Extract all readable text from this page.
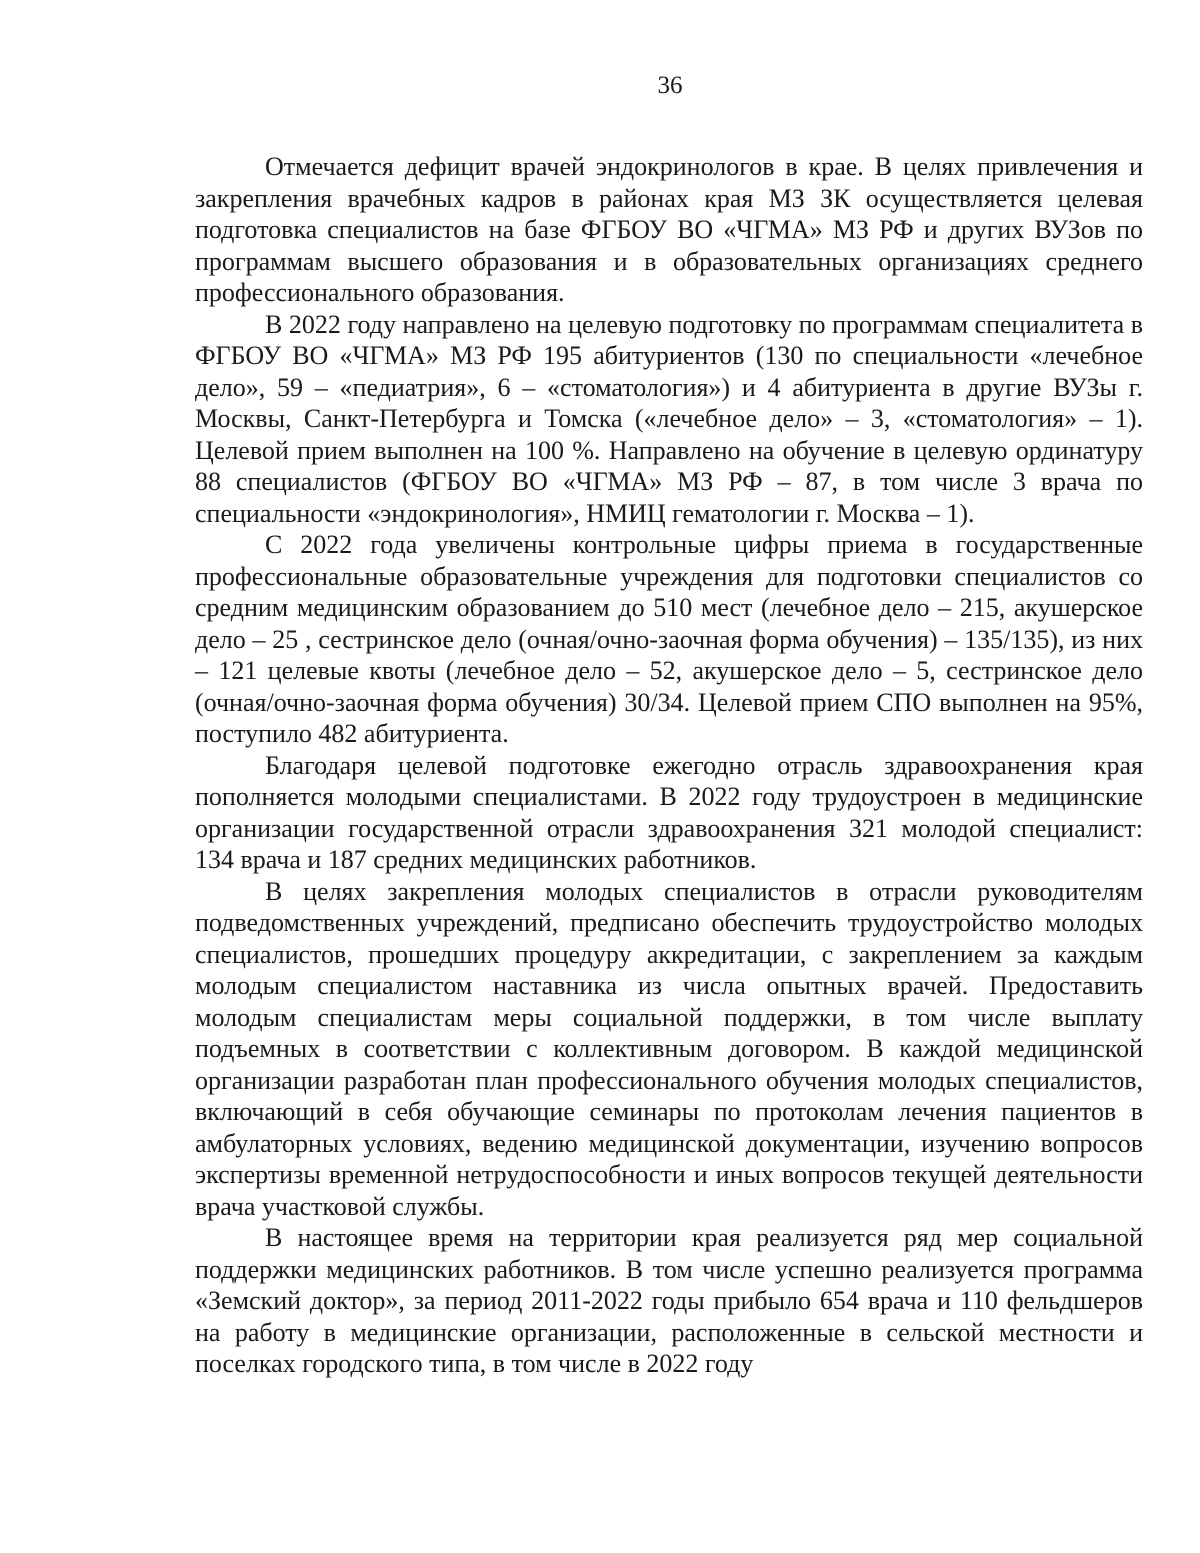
36

Отмечается дефицит врачей эндокринологов в крае. В целях привлечения и закрепления врачебных кадров в районах края МЗ ЗК осуществляется целевая подготовка специалистов на базе ФГБОУ ВО «ЧГМА» МЗ РФ и других ВУЗов по программам высшего образования и в образовательных организациях среднего профессионального образования.

В 2022 году направлено на целевую подготовку по программам специалитета в ФГБОУ ВО «ЧГМА» МЗ РФ 195 абитуриентов (130 по специальности «лечебное дело», 59 – «педиатрия», 6 – «стоматология») и 4 абитуриента в другие ВУЗы г. Москвы, Санкт-Петербурга и Томска («лечебное дело» – 3, «стоматология» – 1). Целевой прием выполнен на 100 %. Направлено на обучение в целевую ординатуру 88 специалистов (ФГБОУ ВО «ЧГМА» МЗ РФ – 87, в том числе 3 врача по специальности «эндокринология», НМИЦ гематологии г. Москва – 1).

С 2022 года увеличены контрольные цифры приема в государственные профессиональные образовательные учреждения для подготовки специалистов со средним медицинским образованием до 510 мест (лечебное дело – 215, акушерское дело – 25 , сестринское дело (очная/очно-заочная форма обучения) – 135/135), из них – 121 целевые квоты (лечебное дело – 52, акушерское дело – 5, сестринское дело (очная/очно-заочная форма обучения) 30/34. Целевой прием СПО выполнен на 95%, поступило 482 абитуриента.

Благодаря целевой подготовке ежегодно отрасль здравоохранения края пополняется молодыми специалистами. В 2022 году трудоустроен в медицинские организации государственной отрасли здравоохранения 321 молодой специалист: 134 врача и 187 средних медицинских работников.

В целях закрепления молодых специалистов в отрасли руководителям подведомственных учреждений, предписано обеспечить трудоустройство молодых специалистов, прошедших процедуру аккредитации, с закреплением за каждым молодым специалистом наставника из числа опытных врачей. Предоставить молодым специалистам меры социальной поддержки, в том числе выплату подъемных в соответствии с коллективным договором. В каждой медицинской организации разработан план профессионального обучения молодых специалистов, включающий в себя обучающие семинары по протоколам лечения пациентов в амбулаторных условиях, ведению медицинской документации, изучению вопросов экспертизы временной нетрудоспособности и иных вопросов текущей деятельности врача участковой службы.

В настоящее время на территории края реализуется ряд мер социальной поддержки медицинских работников. В том числе успешно реализуется программа «Земский доктор», за период 2011-2022 годы прибыло 654 врача и 110 фельдшеров на работу в медицинские организации, расположенные в сельской местности и поселках городского типа, в том числе в 2022 году
